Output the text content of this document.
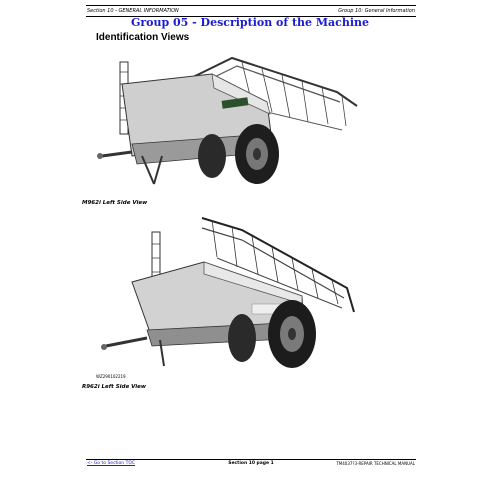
Section 10 - GENERAL INFORMATION	Group 10: General Information
Group 05 - Description of the Machine
Identification Views
M962i Left Side View
WZ290102219
R962i Left Side View
<- Go to Section TOC	Section 10 page 1	TM4037?3-REPAIR TECHNICAL MANUAL
